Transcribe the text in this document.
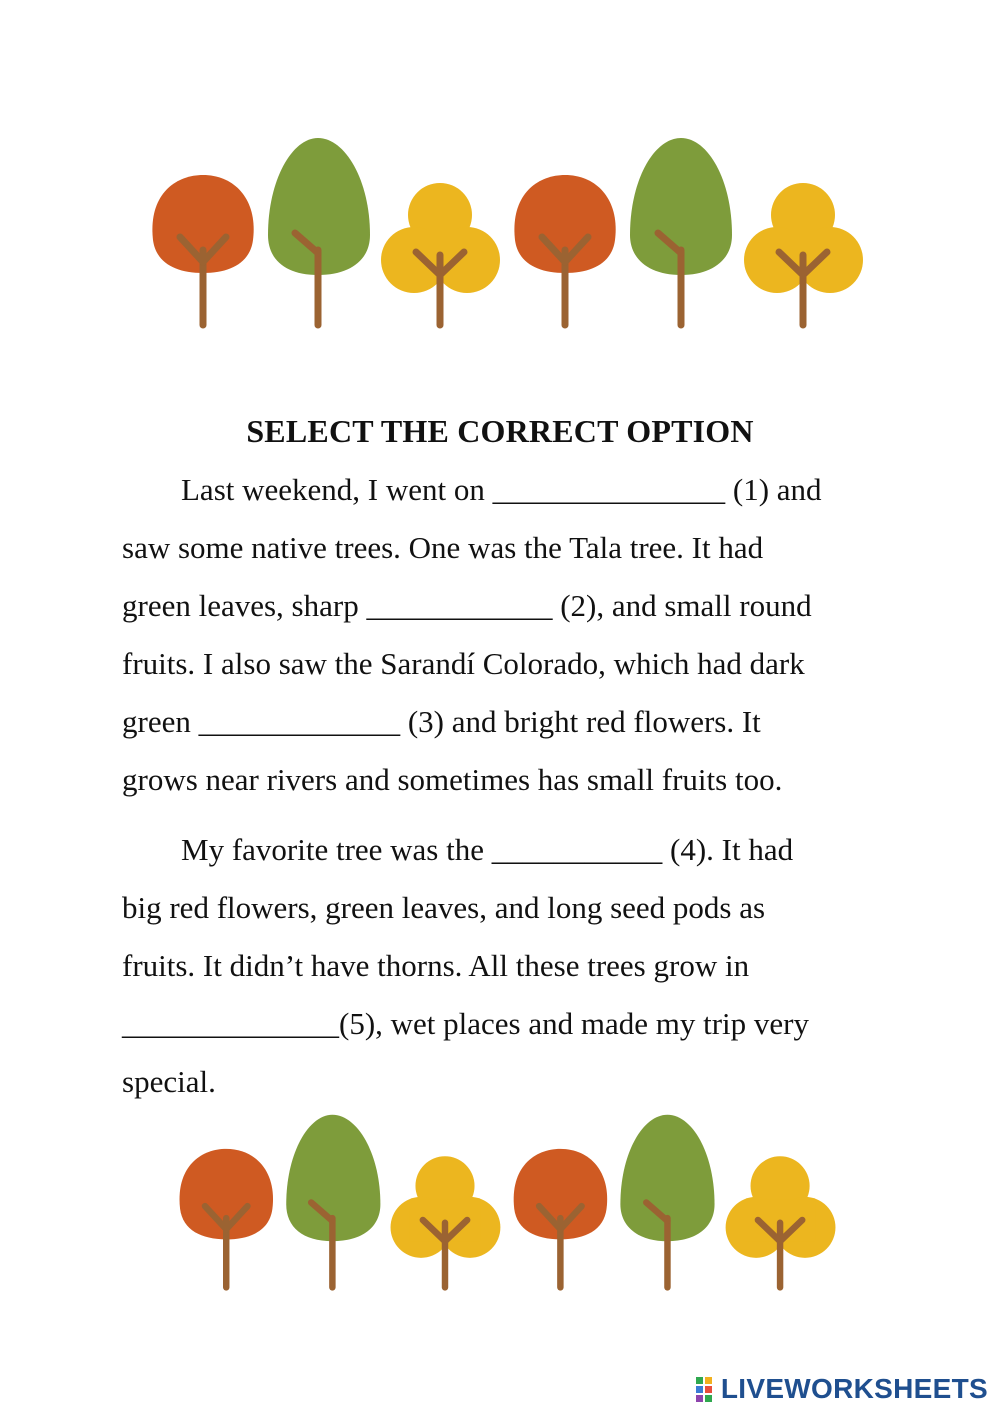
SELECT THE CORRECT OPTION
Last weekend, I went on _______________ (1) and
saw some native trees. One was the Tala tree. It had
green leaves, sharp ____________ (2), and small round
fruits. I also saw the Sarandí Colorado, which had dark
green _____________ (3) and bright red flowers. It
grows near rivers and sometimes has small fruits too.
My favorite tree was the ___________ (4). It had
big red flowers, green leaves, and long seed pods as
fruits. It didn’t have thorns. All these trees grow in
______________(5), wet places and made my trip very
special.
LIVEWORKSHEETS
